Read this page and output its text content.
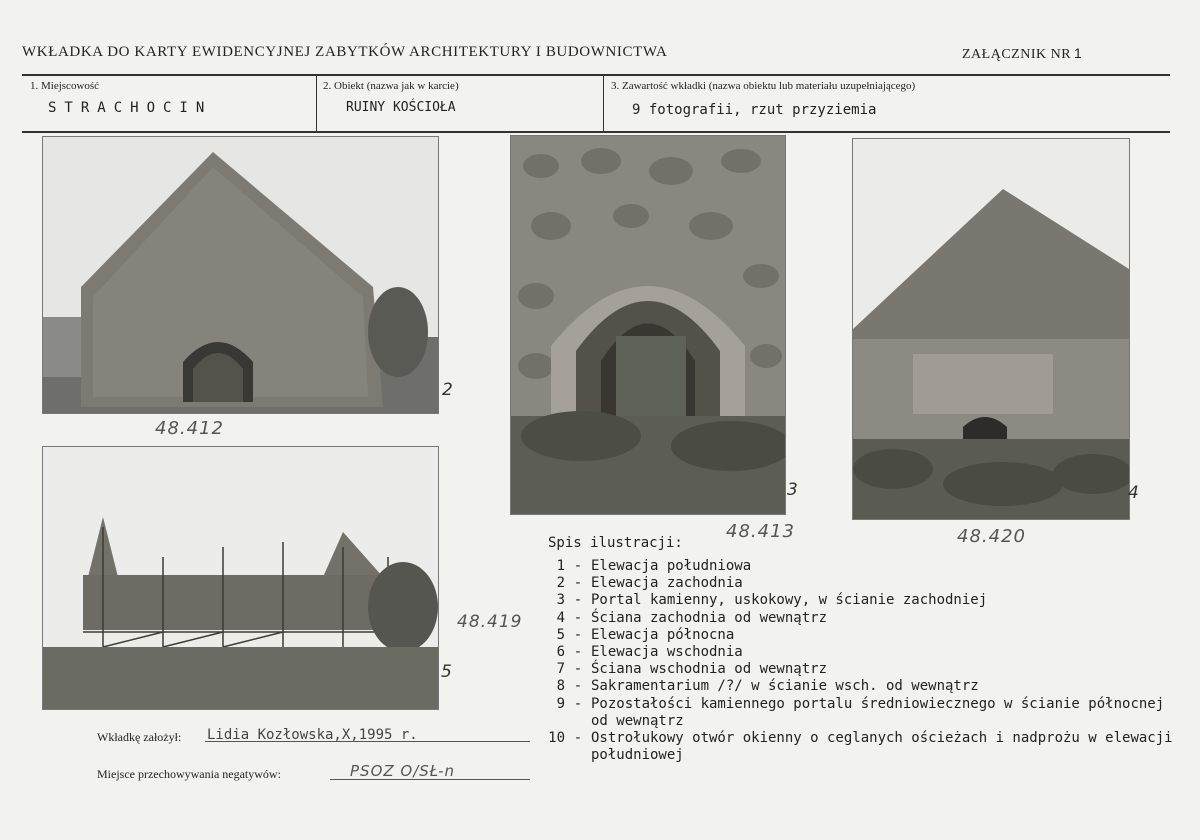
WKŁADKA DO KARTY EWIDENCYJNEJ ZABYTKÓW ARCHITEKTURY I BUDOWNICTWA	ZAŁĄCZNIK NR 1
1. Miejscowość
STRACHOCIN
2. Obiekt (nazwa jak w karcie)
RUINY KOŚCIOŁA
3. Zawartość wkładki (nazwa obiektu lub materiału uzupełniającego)
9 fotografii, rzut przyziemia
2
48.412
3
48.413
4
48.420
5
48.419
Spis ilustracji:
1 - Elewacja południowa
2 - Elewacja zachodnia
3 - Portal kamienny, uskokowy, w ścianie zachodniej
4 - Ściana zachodnia od wewnątrz
5 - Elewacja północna
6 - Elewacja wschodnia
7 - Ściana wschodnia od wewnątrz
8 - Sakramentarium /?/ w ścianie wsch. od wewnątrz
9 - Pozostałości kamiennego portalu średniowiecznego w ścianie północnej od wewnątrz
10 - Ostrołukowy otwór okienny o ceglanych ościeżach i nadprożu w elewacji południowej
Wkładkę założył: Lidia Kozłowska,X,1995 r.
Miejsce przechowywania negatywów:	PSOZ O/SŁ-n
